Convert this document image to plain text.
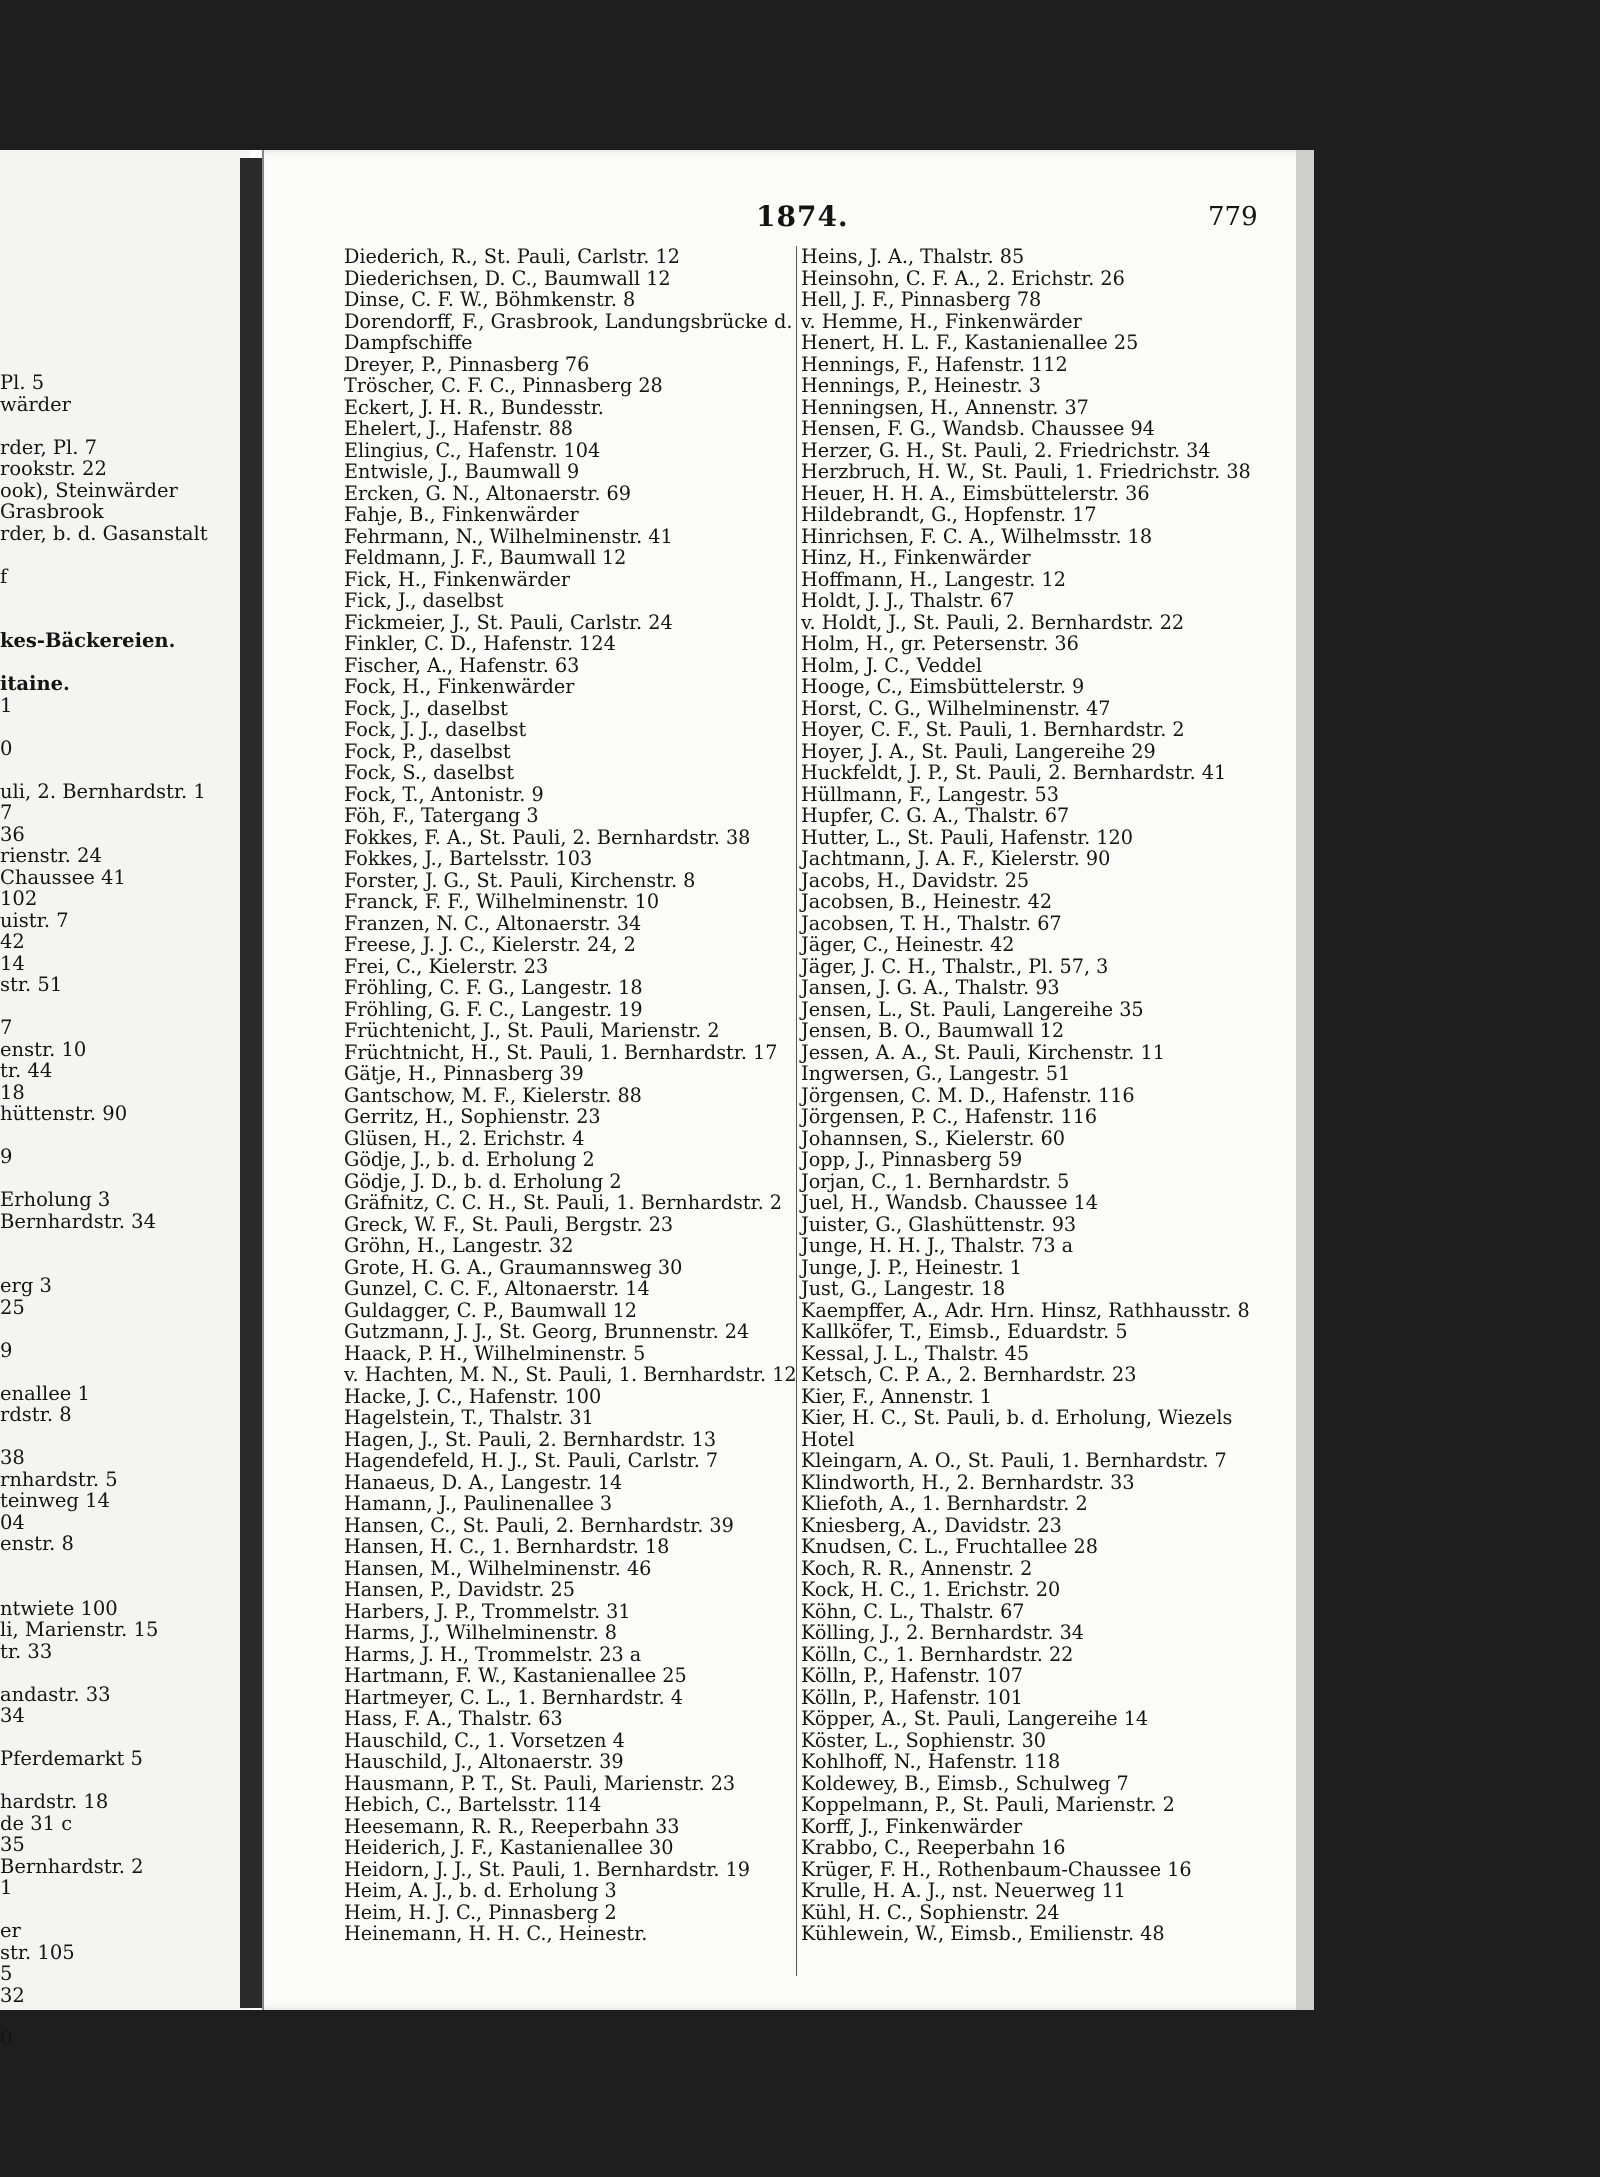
Pl. 5
wärder
rder, Pl. 7
rookstr. 22
ook), Steinwärder
Grasbrook
rder, b. d. Gasanstalt
f
kes-Bäckereien.
itaine.
1
0
uli, 2. Bernhardstr. 1
7
36
rienstr. 24
Chaussee 41
102
uistr. 7
42
14
str. 51
7
enstr. 10
tr. 44
18
hüttenstr. 90
9
Erholung 3
Bernhardstr. 34
erg 3
25
9
enallee 1
rdstr. 8
38
rnhardstr. 5
teinweg 14
04
enstr. 8
ntwiete 100
li, Marienstr. 15
tr. 33
andastr. 33
34
Pferdemarkt 5
hardstr. 18
de 31 c
35
Bernhardstr. 2
1
er
str. 105
5
32
0
1874.	779
Diederich, R., St. Pauli, Carlstr. 12
Diederichsen, D. C., Baumwall 12
Dinse, C. F. W., Böhmkenstr. 8
Dorendorff, F., Grasbrook, Landungsbrücke d.
Dampfschiffe
Dreyer, P., Pinnasberg 76
Tröscher, C. F. C., Pinnasberg 28
Eckert, J. H. R., Bundesstr.
Ehelert, J., Hafenstr. 88
Elingius, C., Hafenstr. 104
Entwisle, J., Baumwall 9
Ercken, G. N., Altonaerstr. 69
Fahje, B., Finkenwärder
Fehrmann, N., Wilhelminenstr. 41
Feldmann, J. F., Baumwall 12
Fick, H., Finkenwärder
Fick, J., daselbst
Fickmeier, J., St. Pauli, Carlstr. 24
Finkler, C. D., Hafenstr. 124
Fischer, A., Hafenstr. 63
Fock, H., Finkenwärder
Fock, J., daselbst
Fock, J. J., daselbst
Fock, P., daselbst
Fock, S., daselbst
Fock, T., Antonistr. 9
Föh, F., Tatergang 3
Fokkes, F. A., St. Pauli, 2. Bernhardstr. 38
Fokkes, J., Bartelsstr. 103
Forster, J. G., St. Pauli, Kirchenstr. 8
Franck, F. F., Wilhelminenstr. 10
Franzen, N. C., Altonaerstr. 34
Freese, J. J. C., Kielerstr. 24, 2
Frei, C., Kielerstr. 23
Fröhling, C. F. G., Langestr. 18
Fröhling, G. F. C., Langestr. 19
Früchtenicht, J., St. Pauli, Marienstr. 2
Früchtnicht, H., St. Pauli, 1. Bernhardstr. 17
Gätje, H., Pinnasberg 39
Gantschow, M. F., Kielerstr. 88
Gerritz, H., Sophienstr. 23
Glüsen, H., 2. Erichstr. 4
Gödje, J., b. d. Erholung 2
Gödje, J. D., b. d. Erholung 2
Gräfnitz, C. C. H., St. Pauli, 1. Bernhardstr. 2
Greck, W. F., St. Pauli, Bergstr. 23
Gröhn, H., Langestr. 32
Grote, H. G. A., Graumannsweg 30
Gunzel, C. C. F., Altonaerstr. 14
Guldagger, C. P., Baumwall 12
Gutzmann, J. J., St. Georg, Brunnenstr. 24
Haack, P. H., Wilhelminenstr. 5
v. Hachten, M. N., St. Pauli, 1. Bernhardstr. 12
Hacke, J. C., Hafenstr. 100
Hagelstein, T., Thalstr. 31
Hagen, J., St. Pauli, 2. Bernhardstr. 13
Hagendefeld, H. J., St. Pauli, Carlstr. 7
Hanaeus, D. A., Langestr. 14
Hamann, J., Paulinenallee 3
Hansen, C., St. Pauli, 2. Bernhardstr. 39
Hansen, H. C., 1. Bernhardstr. 18
Hansen, M., Wilhelminenstr. 46
Hansen, P., Davidstr. 25
Harbers, J. P., Trommelstr. 31
Harms, J., Wilhelminenstr. 8
Harms, J. H., Trommelstr. 23 a
Hartmann, F. W., Kastanienallee 25
Hartmeyer, C. L., 1. Bernhardstr. 4
Hass, F. A., Thalstr. 63
Hauschild, C., 1. Vorsetzen 4
Hauschild, J., Altonaerstr. 39
Hausmann, P. T., St. Pauli, Marienstr. 23
Hebich, C., Bartelsstr. 114
Heesemann, R. R., Reeperbahn 33
Heiderich, J. F., Kastanienallee 30
Heidorn, J. J., St. Pauli, 1. Bernhardstr. 19
Heim, A. J., b. d. Erholung 3
Heim, H. J. C., Pinnasberg 2
Heinemann, H. H. C., Heinestr.
Heins, J. A., Thalstr. 85
Heinsohn, C. F. A., 2. Erichstr. 26
Hell, J. F., Pinnasberg 78
v. Hemme, H., Finkenwärder
Henert, H. L. F., Kastanienallee 25
Hennings, F., Hafenstr. 112
Hennings, P., Heinestr. 3
Henningsen, H., Annenstr. 37
Hensen, F. G., Wandsb. Chaussee 94
Herzer, G. H., St. Pauli, 2. Friedrichstr. 34
Herzbruch, H. W., St. Pauli, 1. Friedrichstr. 38
Heuer, H. H. A., Eimsbüttelerstr. 36
Hildebrandt, G., Hopfenstr. 17
Hinrichsen, F. C. A., Wilhelmsstr. 18
Hinz, H., Finkenwärder
Hoffmann, H., Langestr. 12
Holdt, J. J., Thalstr. 67
v. Holdt, J., St. Pauli, 2. Bernhardstr. 22
Holm, H., gr. Petersenstr. 36
Holm, J. C., Veddel
Hooge, C., Eimsbüttelerstr. 9
Horst, C. G., Wilhelminenstr. 47
Hoyer, C. F., St. Pauli, 1. Bernhardstr. 2
Hoyer, J. A., St. Pauli, Langereihe 29
Huckfeldt, J. P., St. Pauli, 2. Bernhardstr. 41
Hüllmann, F., Langestr. 53
Hupfer, C. G. A., Thalstr. 67
Hutter, L., St. Pauli, Hafenstr. 120
Jachtmann, J. A. F., Kielerstr. 90
Jacobs, H., Davidstr. 25
Jacobsen, B., Heinestr. 42
Jacobsen, T. H., Thalstr. 67
Jäger, C., Heinestr. 42
Jäger, J. C. H., Thalstr., Pl. 57, 3
Jansen, J. G. A., Thalstr. 93
Jensen, L., St. Pauli, Langereihe 35
Jensen, B. O., Baumwall 12
Jessen, A. A., St. Pauli, Kirchenstr. 11
Ingwersen, G., Langestr. 51
Jörgensen, C. M. D., Hafenstr. 116
Jörgensen, P. C., Hafenstr. 116
Johannsen, S., Kielerstr. 60
Jopp, J., Pinnasberg 59
Jorjan, C., 1. Bernhardstr. 5
Juel, H., Wandsb. Chaussee 14
Juister, G., Glashüttenstr. 93
Junge, H. H. J., Thalstr. 73 a
Junge, J. P., Heinestr. 1
Just, G., Langestr. 18
Kaempffer, A., Adr. Hrn. Hinsz, Rathhausstr. 8
Kallköfer, T., Eimsb., Eduardstr. 5
Kessal, J. L., Thalstr. 45
Ketsch, C. P. A., 2. Bernhardstr. 23
Kier, F., Annenstr. 1
Kier, H. C., St. Pauli, b. d. Erholung, Wiezels
Hotel
Kleingarn, A. O., St. Pauli, 1. Bernhardstr. 7
Klindworth, H., 2. Bernhardstr. 33
Kliefoth, A., 1. Bernhardstr. 2
Kniesberg, A., Davidstr. 23
Knudsen, C. L., Fruchtallee 28
Koch, R. R., Annenstr. 2
Kock, H. C., 1. Erichstr. 20
Köhn, C. L., Thalstr. 67
Kölling, J., 2. Bernhardstr. 34
Kölln, C., 1. Bernhardstr. 22
Kölln, P., Hafenstr. 107
Kölln, P., Hafenstr. 101
Köpper, A., St. Pauli, Langereihe 14
Köster, L., Sophienstr. 30
Kohlhoff, N., Hafenstr. 118
Koldewey, B., Eimsb., Schulweg 7
Koppelmann, P., St. Pauli, Marienstr. 2
Korff, J., Finkenwärder
Krabbo, C., Reeperbahn 16
Krüger, F. H., Rothenbaum-Chaussee 16
Krulle, H. A. J., nst. Neuerweg 11
Kühl, H. C., Sophienstr. 24
Kühlewein, W., Eimsb., Emilienstr. 48
